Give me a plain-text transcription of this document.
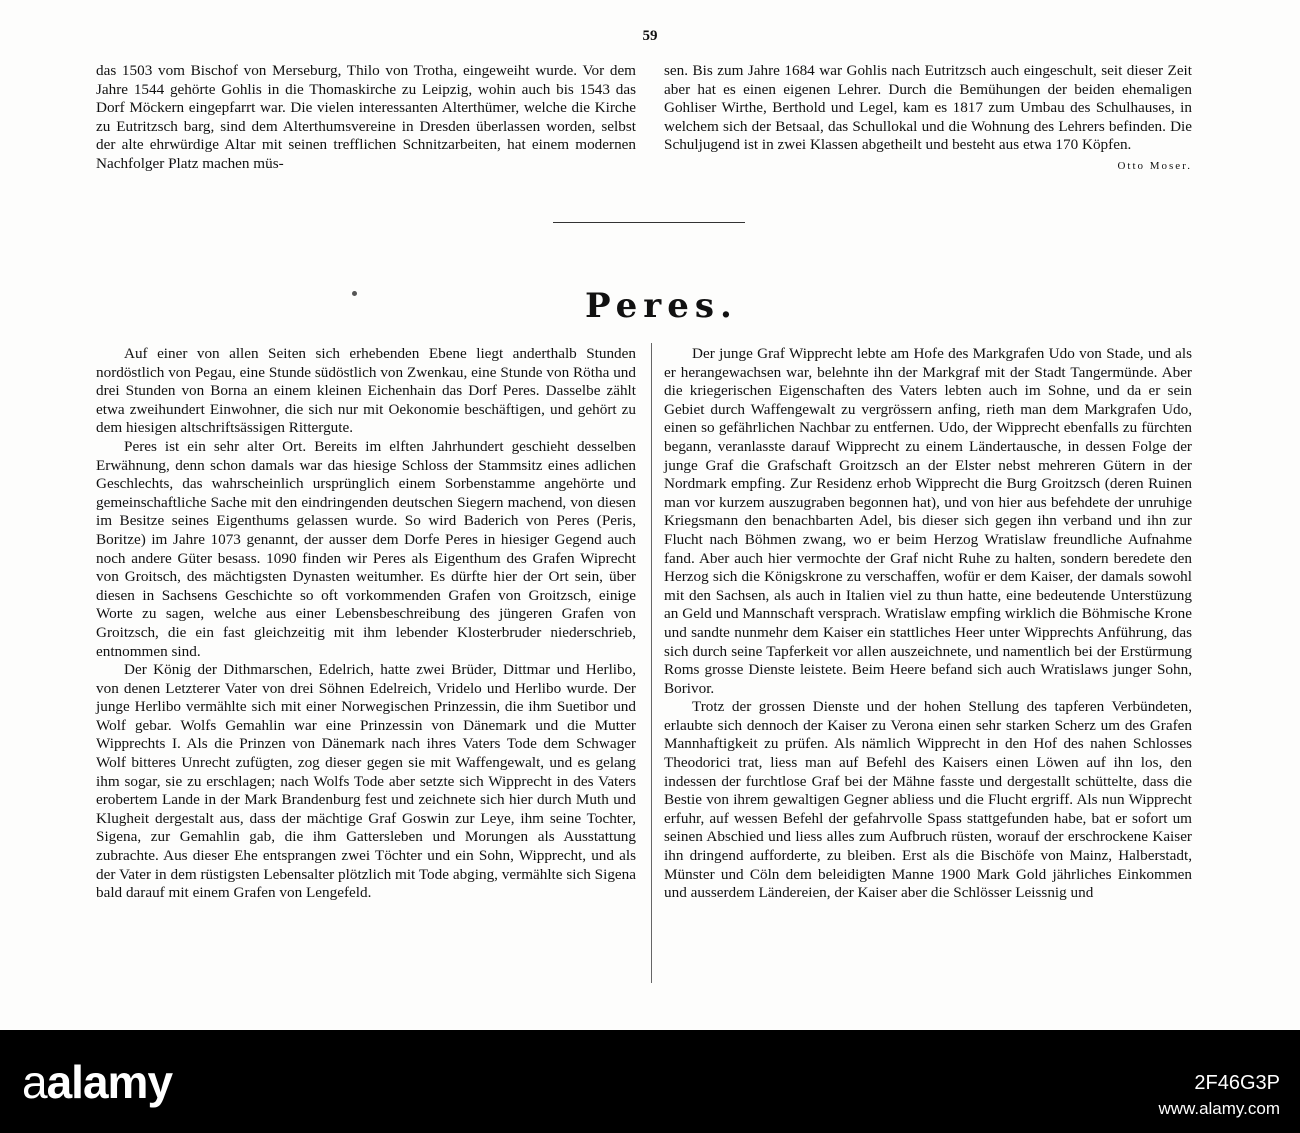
59

das 1503 vom Bischof von Merseburg, Thilo von Trotha, eingeweiht wurde. Vor dem Jahre 1544 gehörte Gohlis in die Thomaskirche zu Leipzig, wohin auch bis 1543 das Dorf Möckern eingepfarrt war. Die vielen interessanten Alterthümer, welche die Kirche zu Eutritzsch barg, sind dem Alterthumsvereine in Dresden überlassen worden, selbst der alte ehrwürdige Altar mit seinen trefflichen Schnitzarbeiten, hat einem modernen Nachfolger Platz machen müs-

sen. Bis zum Jahre 1684 war Gohlis nach Eutritzsch auch eingeschult, seit dieser Zeit aber hat es einen eigenen Lehrer. Durch die Bemühungen der beiden ehemaligen Gohliser Wirthe, Berthold und Legel, kam es 1817 zum Umbau des Schulhauses, in welchem sich der Betsaal, das Schullokal und die Wohnung des Lehrers befinden. Die Schuljugend ist in zwei Klassen abgetheilt und besteht aus etwa 170 Köpfen.
Otto Moser.

Peres.

Auf einer von allen Seiten sich erhebenden Ebene liegt anderthalb Stunden nordöstlich von Pegau, eine Stunde südöstlich von Zwenkau, eine Stunde von Rötha und drei Stunden von Borna an einem kleinen Eichenhain das Dorf Peres. Dasselbe zählt etwa zweihundert Einwohner, die sich nur mit Oekonomie beschäftigen, und gehört zu dem hiesigen altschriftsässigen Rittergute.

Peres ist ein sehr alter Ort. Bereits im elften Jahrhundert geschieht desselben Erwähnung, denn schon damals war das hiesige Schloss der Stammsitz eines adlichen Geschlechts, das wahrscheinlich ursprünglich einem Sorbenstamme angehörte und gemeinschaftliche Sache mit den eindringenden deutschen Siegern machend, von diesen im Besitze seines Eigenthums gelassen wurde. So wird Baderich von Peres (Peris, Boritze) im Jahre 1073 genannt, der ausser dem Dorfe Peres in hiesiger Gegend auch noch andere Güter besass. 1090 finden wir Peres als Eigenthum des Grafen Wiprecht von Groitsch, des mächtigsten Dynasten weitumher. Es dürfte hier der Ort sein, über diesen in Sachsens Geschichte so oft vorkommenden Grafen von Groitzsch, einige Worte zu sagen, welche aus einer Lebensbeschreibung des jüngeren Grafen von Groitzsch, die ein fast gleichzeitig mit ihm lebender Klosterbruder niederschrieb, entnommen sind.

Der König der Dithmarschen, Edelrich, hatte zwei Brüder, Dittmar und Herlibo, von denen Letzterer Vater von drei Söhnen Edelreich, Vridelo und Herlibo wurde. Der junge Herlibo vermählte sich mit einer Norwegischen Prinzessin, die ihm Suetibor und Wolf gebar. Wolfs Gemahlin war eine Prinzessin von Dänemark und die Mutter Wipprechts I. Als die Prinzen von Dänemark nach ihres Vaters Tode dem Schwager Wolf bitteres Unrecht zufügten, zog dieser gegen sie mit Waffengewalt, und es gelang ihm sogar, sie zu erschlagen; nach Wolfs Tode aber setzte sich Wipprecht in des Vaters erobertem Lande in der Mark Brandenburg fest und zeichnete sich hier durch Muth und Klugheit dergestalt aus, dass der mächtige Graf Goswin zur Leye, ihm seine Tochter, Sigena, zur Gemahlin gab, die ihm Gattersleben und Morungen als Ausstattung zubrachte. Aus dieser Ehe entsprangen zwei Töchter und ein Sohn, Wipprecht, und als der Vater in dem rüstigsten Lebensalter plötzlich mit Tode abging, vermählte sich Sigena bald darauf mit einem Grafen von Lengefeld.

Der junge Graf Wipprecht lebte am Hofe des Markgrafen Udo von Stade, und als er herangewachsen war, belehnte ihn der Markgraf mit der Stadt Tangermünde. Aber die kriegerischen Eigenschaften des Vaters lebten auch im Sohne, und da er sein Gebiet durch Waffengewalt zu vergrössern anfing, rieth man dem Markgrafen Udo, einen so gefährlichen Nachbar zu entfernen. Udo, der Wipprecht ebenfalls zu fürchten begann, veranlasste darauf Wipprecht zu einem Ländertausche, in dessen Folge der junge Graf die Grafschaft Groitzsch an der Elster nebst mehreren Gütern in der Nordmark empfing. Zur Residenz erhob Wipprecht die Burg Groitzsch (deren Ruinen man vor kurzem auszugraben begonnen hat), und von hier aus befehdete der unruhige Kriegsmann den benachbarten Adel, bis dieser sich gegen ihn verband und ihn zur Flucht nach Böhmen zwang, wo er beim Herzog Wratislaw freundliche Aufnahme fand. Aber auch hier vermochte der Graf nicht Ruhe zu halten, sondern beredete den Herzog sich die Königskrone zu verschaffen, wofür er dem Kaiser, der damals sowohl mit den Sachsen, als auch in Italien viel zu thun hatte, eine bedeutende Unterstüzung an Geld und Mannschaft versprach. Wratislaw empfing wirklich die Böhmische Krone und sandte nunmehr dem Kaiser ein stattliches Heer unter Wipprechts Anführung, das sich durch seine Tapferkeit vor allen auszeichnete, und namentlich bei der Erstürmung Roms grosse Dienste leistete. Beim Heere befand sich auch Wratislaws junger Sohn, Borivor.

Trotz der grossen Dienste und der hohen Stellung des tapferen Verbündeten, erlaubte sich dennoch der Kaiser zu Verona einen sehr starken Scherz um des Grafen Mannhaftigkeit zu prüfen. Als nämlich Wipprecht in den Hof des nahen Schlosses Theodorici trat, liess man auf Befehl des Kaisers einen Löwen auf ihn los, den indessen der furchtlose Graf bei der Mähne fasste und dergestallt schüttelte, dass die Bestie von ihrem gewaltigen Gegner abliess und die Flucht ergriff. Als nun Wipprecht erfuhr, auf wessen Befehl der gefahrvolle Spass stattgefunden habe, bat er sofort um seinen Abschied und liess alles zum Aufbruch rüsten, worauf der erschrockene Kaiser ihn dringend aufforderte, zu bleiben. Erst als die Bischöfe von Mainz, Halberstadt, Münster und Cöln dem beleidigten Manne 1900 Mark Gold jährliches Einkommen und ausserdem Ländereien, der Kaiser aber die Schlösser Leissnig und

aalamy	2F46G3P
www.alamy.com
